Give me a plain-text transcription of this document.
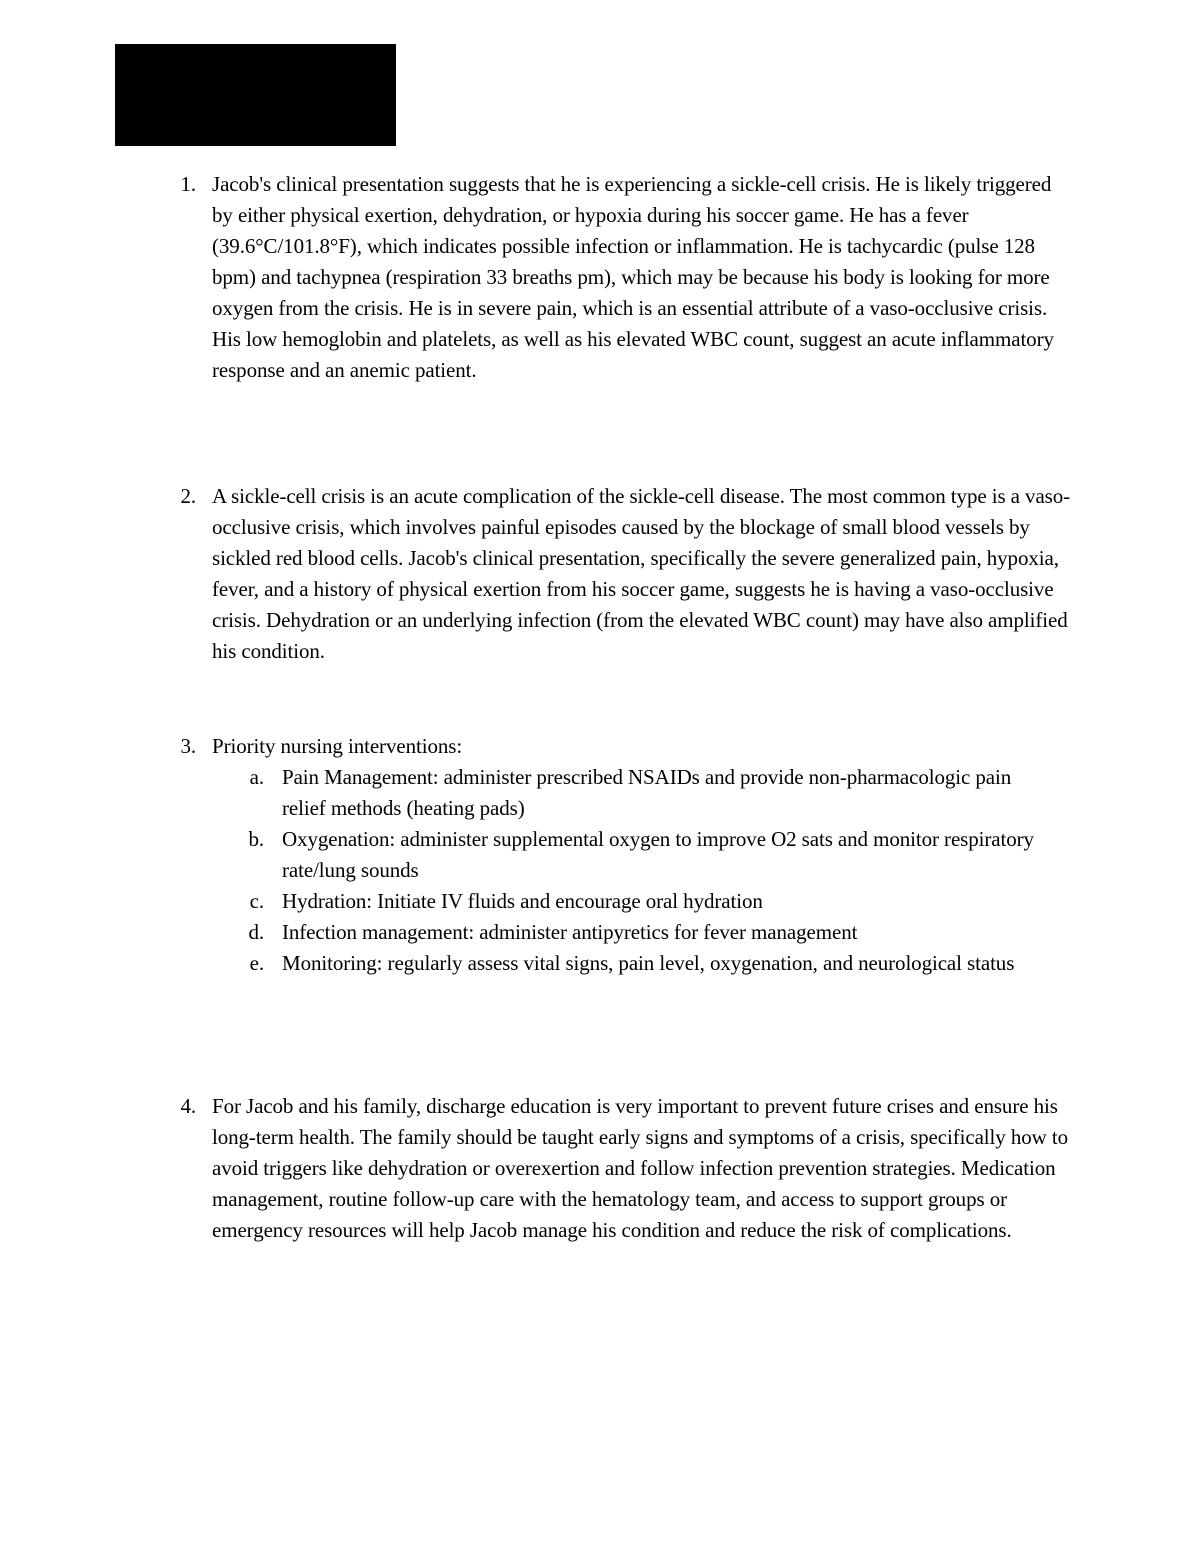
1. Jacob's clinical presentation suggests that he is experiencing a sickle-cell crisis. He is likely triggered by either physical exertion, dehydration, or hypoxia during his soccer game. He has a fever (39.6°C/101.8°F), which indicates possible infection or inflammation. He is tachycardic (pulse 128 bpm) and tachypnea (respiration 33 breaths pm), which may be because his body is looking for more oxygen from the crisis. He is in severe pain, which is an essential attribute of a vaso-occlusive crisis. His low hemoglobin and platelets, as well as his elevated WBC count, suggest an acute inflammatory response and an anemic patient.
2. A sickle-cell crisis is an acute complication of the sickle-cell disease. The most common type is a vaso-occlusive crisis, which involves painful episodes caused by the blockage of small blood vessels by sickled red blood cells. Jacob's clinical presentation, specifically the severe generalized pain, hypoxia, fever, and a history of physical exertion from his soccer game, suggests he is having a vaso-occlusive crisis. Dehydration or an underlying infection (from the elevated WBC count) may have also amplified his condition.
3. Priority nursing interventions:
a. Pain Management: administer prescribed NSAIDs and provide non-pharmacologic pain relief methods (heating pads)
b. Oxygenation: administer supplemental oxygen to improve O2 sats and monitor respiratory rate/lung sounds
c. Hydration: Initiate IV fluids and encourage oral hydration
d. Infection management: administer antipyretics for fever management
e. Monitoring: regularly assess vital signs, pain level, oxygenation, and neurological status
4. For Jacob and his family, discharge education is very important to prevent future crises and ensure his long-term health. The family should be taught early signs and symptoms of a crisis, specifically how to avoid triggers like dehydration or overexertion and follow infection prevention strategies. Medication management, routine follow-up care with the hematology team, and access to support groups or emergency resources will help Jacob manage his condition and reduce the risk of complications.
